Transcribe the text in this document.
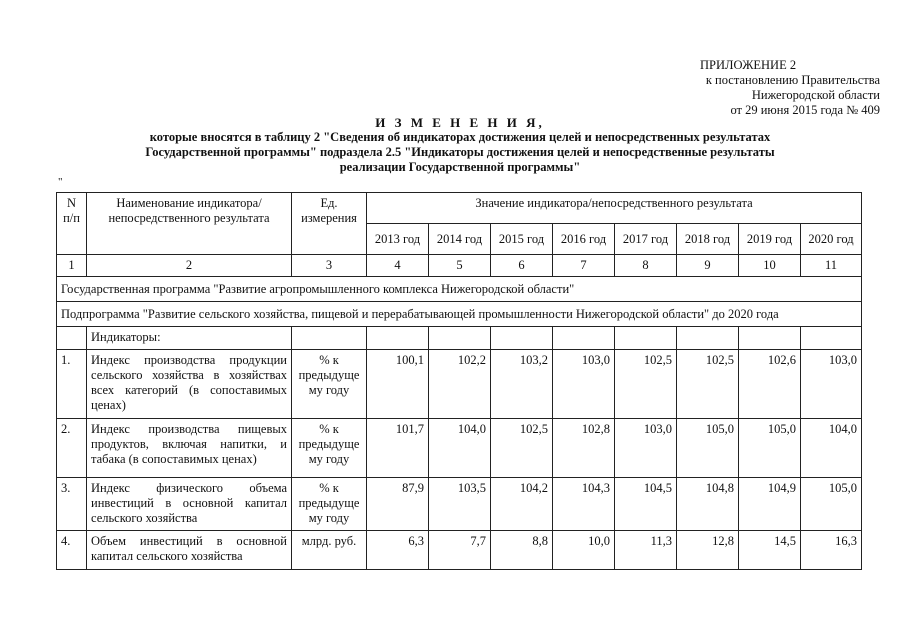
ПРИЛОЖЕНИЕ 2
к постановлению Правительства
Нижегородской области
от 29 июня 2015 года № 409
И З М Е Н Е Н И Я,
которые вносятся в таблицу 2 "Сведения об индикаторах достижения целей и непосредственных результатах
Государственной программы" подраздела 2.5 "Индикаторы достижения целей и непосредственные результаты
реализации Государственной программы"
"
N п/п	Наименование индикатора/ непосредственного результата	Ед. измерения	Значение индикатора/непосредственного результата							
			2013 год	2014 год	2015 год	2016 год	2017 год	2018 год	2019 год	2020 год
1	2	3	4	5	6	7	8	9	10	11
Государственная программа "Развитие агропромышленного комплекса Нижегородской области"										
Подпрограмма "Развитие сельского хозяйства, пищевой и перерабатывающей промышленности Нижегородской области" до 2020 года										
	Индикаторы:									
1.	Индекс производства продукции сельского хозяйства в хозяйствах всех категорий (в сопоставимых ценах)	% к предыдуще му году	100,1	102,2	103,2	103,0	102,5	102,5	102,6	103,0
2.	Индекс производства пищевых продуктов, включая напитки, и табака (в сопоставимых ценах)	% к предыдуще му году	101,7	104,0	102,5	102,8	103,0	105,0	105,0	104,0
3.	Индекс физического объема инвестиций в основной капитал сельского хозяйства	% к предыдуще му году	87,9	103,5	104,2	104,3	104,5	104,8	104,9	105,0
4.	Объем инвестиций в основной капитал сельского хозяйства	млрд. руб.	6,3	7,7	8,8	10,0	11,3	12,8	14,5	16,3
